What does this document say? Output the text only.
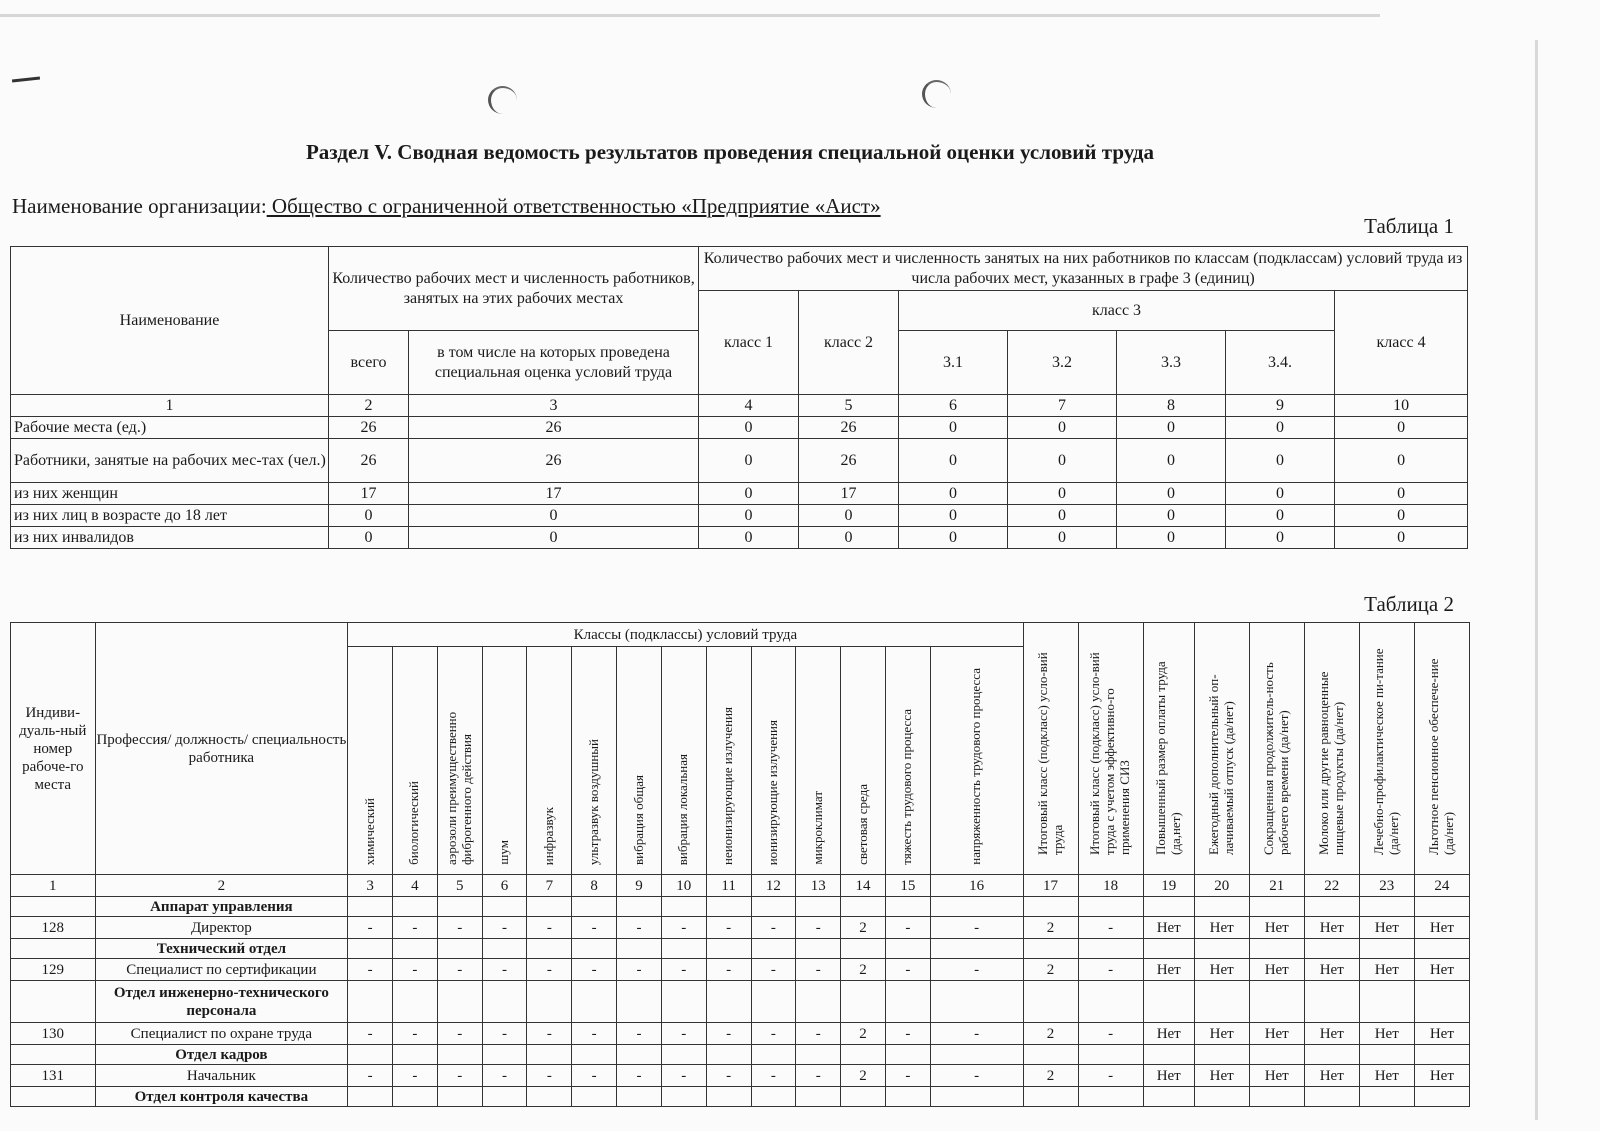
Раздел V. Сводная ведомость результатов проведения специальной оценки условий труда
Наименование организации: Общество с ограниченной ответственностью «Предприятие «Аист»
Таблица 1
Наименование	Количество рабочих мест и численность работников, занятых на этих рабочих местах		Количество рабочих мест и численность занятых на них работников по классам (подклассам) условий труда из числа рабочих мест, указанных в графе 3 (единиц)						
			класс 1	класс 2	класс 3				класс 4
	всего	в том числе на которых проведена специальная оценка условий труда			3.1	3.2	3.3	3.4.	
1	2	3	4	5	6	7	8	9	10
Рабочие места (ед.)	26	26	0	26	0	0	0	0	0
Работники, занятые на рабочих мес-тах (чел.)	26	26	0	26	0	0	0	0	0
из них женщин	17	17	0	17	0	0	0	0	0
из них лиц в возрасте до 18 лет	0	0	0	0	0	0	0	0	0
из них инвалидов	0	0	0	0	0	0	0	0	0
Таблица 2
Индиви-дуаль-ный номер рабоче-го места	Профессия/ должность/ специальность работника	Классы (подклассы) условий труда														Итоговый класс (подкласс) усло-вий труда	Итоговый класс (подкласс) усло-вий труда с учетом эффективно-го применения СИЗ	Повышенный размер оплаты труда (да,нет)	Ежегодный дополнительный оп-лачиваемый отпуск (да/нет)	Сокращенная продолжитель-ность рабочего времени (да/нет)	Молоко или другие равноценные пищевые продукты (да/нет)	Лечебно-профилактическое пи-тание (да/нет)	Льготное пенсионное обеспече-ние (да/нет)
		химический	биологический	аэрозоли преимущественно фиброгенного действия	шум	инфразвук	ультразвук воздушный	вибрация общая	вибрация локальная	неионизирующие излучения	ионизирующие излучения	микроклимат	световая среда	тяжесть трудового процесса	напряженность трудового процесса								
1	2	3	4	5	6	7	8	9	10	11	12	13	14	15	16	17	18	19	20	21	22	23	24
	Аппарат управления																						
128	Директор	-	-	-	-	-	-	-	-	-	-	-	2	-	-	2	-	Нет	Нет	Нет	Нет	Нет	Нет
	Технический отдел																						
129	Специалист по сертификации	-	-	-	-	-	-	-	-	-	-	-	2	-	-	2	-	Нет	Нет	Нет	Нет	Нет	Нет
	Отдел инженерно-технического персонала																						
130	Специалист по охране труда	-	-	-	-	-	-	-	-	-	-	-	2	-	-	2	-	Нет	Нет	Нет	Нет	Нет	Нет
	Отдел кадров																						
131	Начальник	-	-	-	-	-	-	-	-	-	-	-	2	-	-	2	-	Нет	Нет	Нет	Нет	Нет	Нет
	Отдел контроля качества																						
